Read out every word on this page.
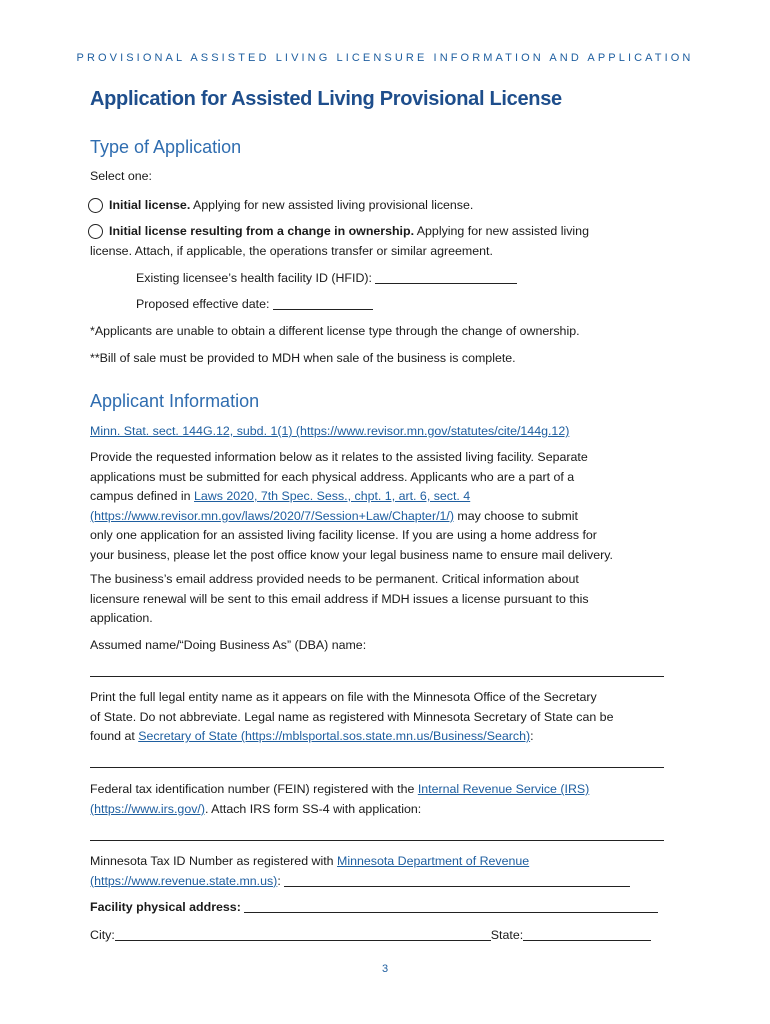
PROVISIONAL ASSISTED LIVING LICENSURE INFORMATION AND APPLICATION
Application for Assisted Living Provisional License
Type of Application
Select one:
Initial license. Applying for new assisted living provisional license.
Initial license resulting from a change in ownership. Applying for new assisted living
license. Attach, if applicable, the operations transfer or similar agreement.
Existing licensee’s health facility ID (HFID):
Proposed effective date:
*Applicants are unable to obtain a different license type through the change of ownership.
**Bill of sale must be provided to MDH when sale of the business is complete.
Applicant Information
Minn. Stat. sect. 144G.12, subd. 1(1) (https://www.revisor.mn.gov/statutes/cite/144g.12)
Provide the requested information below as it relates to the assisted living facility. Separate
applications must be submitted for each physical address. Applicants who are a part of a
campus defined in Laws 2020, 7th Spec. Sess., chpt. 1, art. 6, sect. 4
(https://www.revisor.mn.gov/laws/2020/7/Session+Law/Chapter/1/) may choose to submit
only one application for an assisted living facility license. If you are using a home address for
your business, please let the post office know your legal business name to ensure mail delivery.
The business’s email address provided needs to be permanent. Critical information about
licensure renewal will be sent to this email address if MDH issues a license pursuant to this
application.
Assumed name/“Doing Business As” (DBA) name:
Print the full legal entity name as it appears on file with the Minnesota Office of the Secretary
of State. Do not abbreviate. Legal name as registered with Minnesota Secretary of State can be
found at Secretary of State (https://mblsportal.sos.state.mn.us/Business/Search):
Federal tax identification number (FEIN) registered with the Internal Revenue Service (IRS)
(https://www.irs.gov/). Attach IRS form SS-4 with application:
Minnesota Tax ID Number as registered with Minnesota Department of Revenue
(https://www.revenue.state.mn.us):
Facility physical address:
City:	State:
3
